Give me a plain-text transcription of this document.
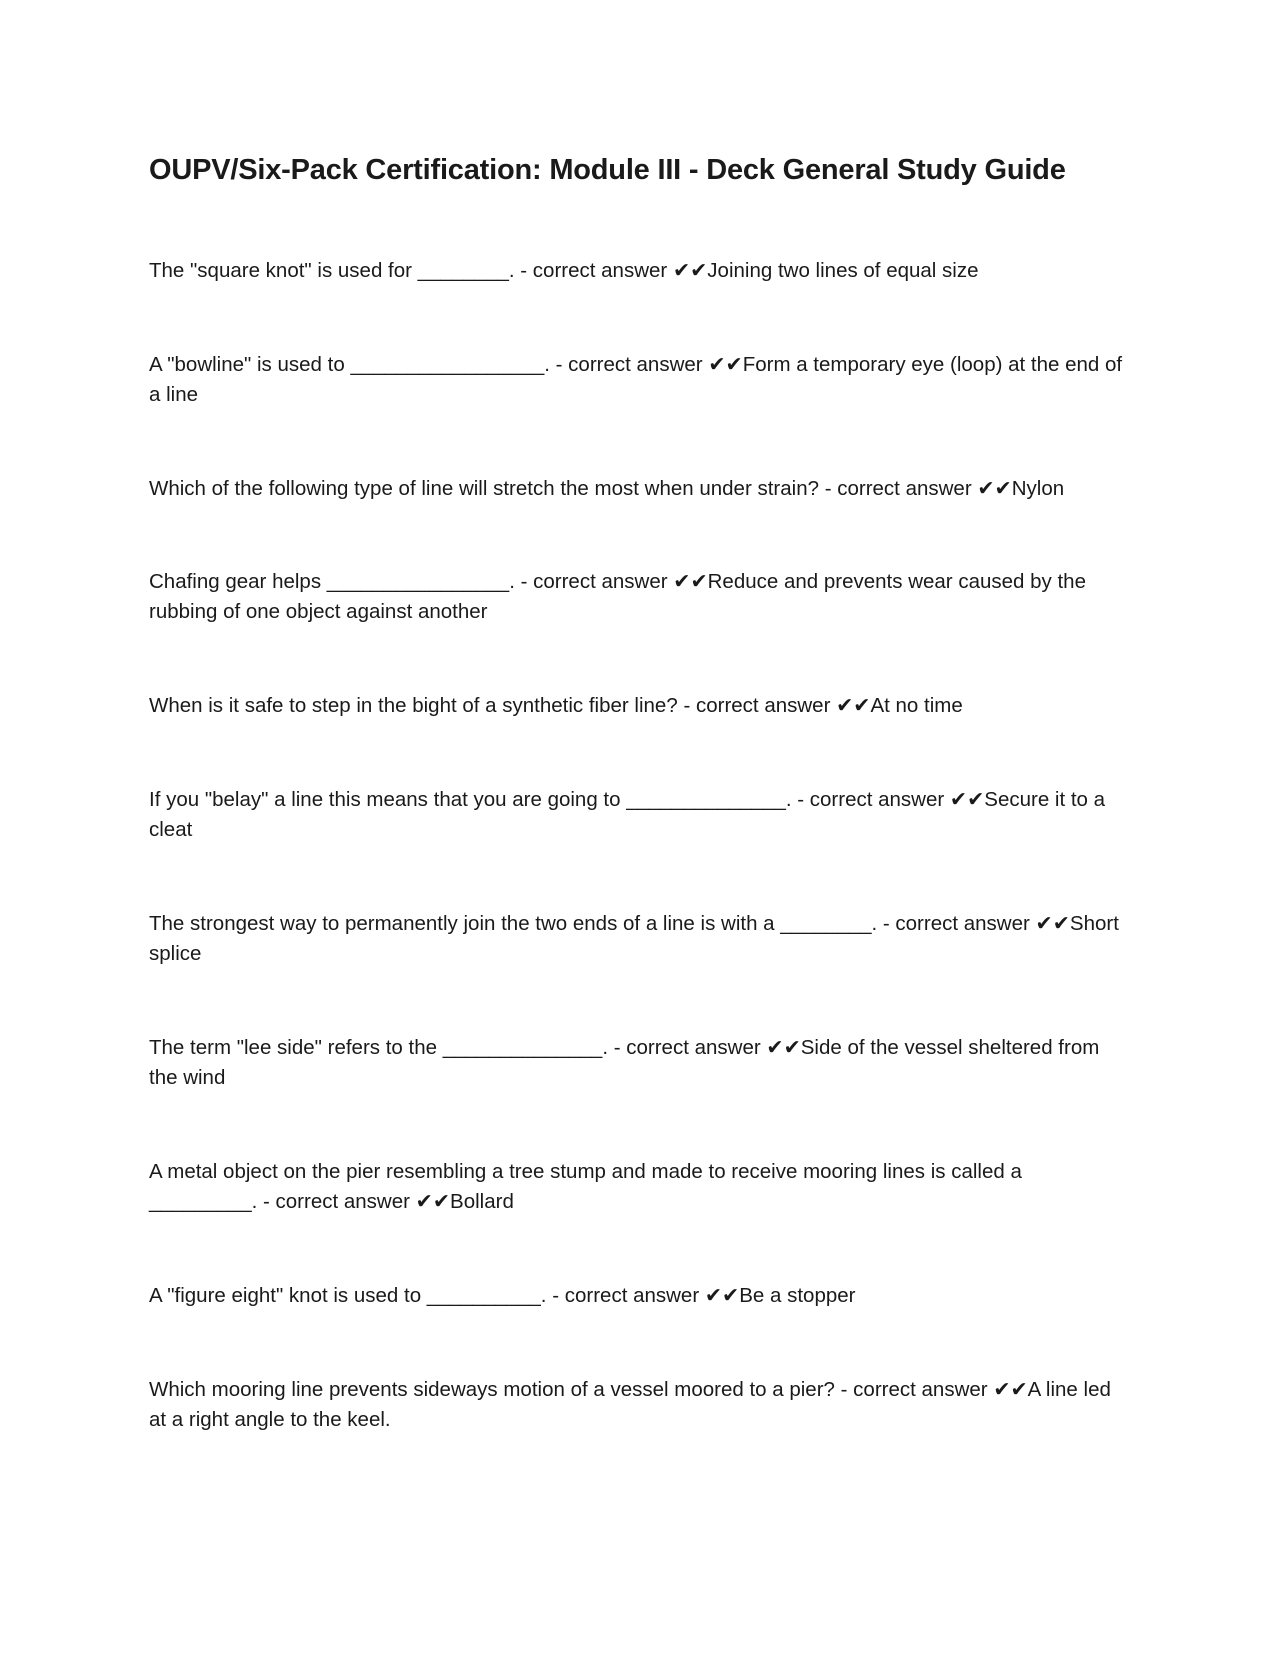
OUPV/Six-Pack Certification: Module III - Deck General Study Guide

The "square knot" is used for ________. - correct answer ✔✔Joining two lines of equal size

A "bowline" is used to _________________. - correct answer ✔✔Form a temporary eye (loop) at the end of a line

Which of the following type of line will stretch the most when under strain? - correct answer ✔✔Nylon

Chafing gear helps ________________. - correct answer ✔✔Reduce and prevents wear caused by the rubbing of one object against another

When is it safe to step in the bight of a synthetic fiber line? - correct answer ✔✔At no time

If you "belay" a line this means that you are going to ______________. - correct answer ✔✔Secure it to a cleat

The strongest way to permanently join the two ends of a line is with a ________. - correct answer ✔✔Short splice

The term "lee side" refers to the ______________. - correct answer ✔✔Side of the vessel sheltered from the wind

A metal object on the pier resembling a tree stump and made to receive mooring lines is called a _________. - correct answer ✔✔Bollard

A "figure eight" knot is used to __________. - correct answer ✔✔Be a stopper

Which mooring line prevents sideways motion of a vessel moored to a pier? - correct answer ✔✔A line led at a right angle to the keel.
